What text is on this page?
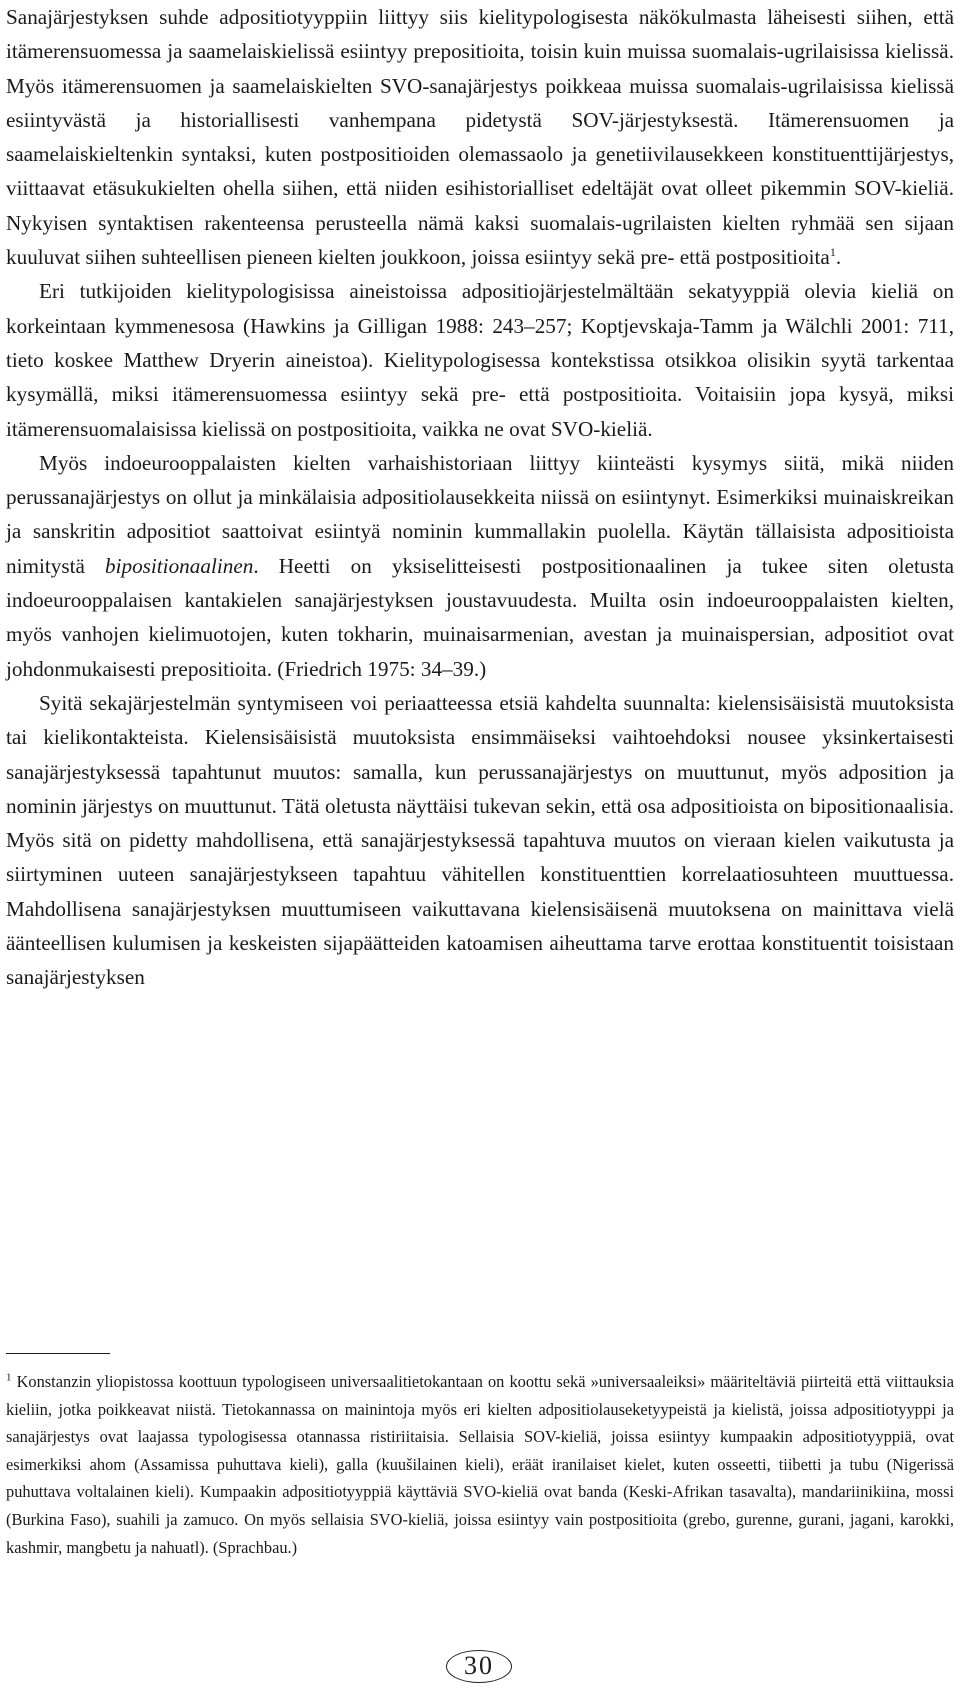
Sanajärjestyksen suhde adpositiotyyppiin liittyy siis kielitypologisesta näkökulmasta läheisesti siihen, että itämerensuomessa ja saamelaiskielissä esiintyy prepositioita, toisin kuin muissa suomalais-ugrilaisissa kielissä. Myös itämerensuomen ja saamelaiskielten SVO-sanajärjestys poikkeaa muissa suomalais-ugrilaisissa kielissä esiintyvästä ja historiallisesti vanhempana pidetystä SOV-järjestyksestä. Itämerensuomen ja saamelaiskieltenkin syntaksi, kuten postpositioiden olemassaolo ja genetiivilausekkeen konstituenttijärjestys, viittaavat etäsukukielten ohella siihen, että niiden esihistorialliset edeltäjät ovat olleet pikemmin SOV-kieliä. Nykyisen syntaktisen rakenteensa perusteella nämä kaksi suomalais-ugrilaisten kielten ryhmää sen sijaan kuuluvat siihen suhteellisen pieneen kielten joukkoon, joissa esiintyy sekä pre- että postpositioita$^1$.

Eri tutkijoiden kielitypologisissa aineistoissa adpositiojärjestelmältään sekatyyppiä olevia kieliä on korkeintaan kymmenesosa (Hawkins ja Gilligan 1988: 243–257; Koptjevskaja-Tamm ja Wälchli 2001: 711, tieto koskee Matthew Dryerin aineistoa). Kielitypologisessa kontekstissa otsikkoa olisikin syytä tarkentaa kysymällä, miksi itämerensuomessa esiintyy sekä pre- että postpositioita. Voitaisiin jopa kysyä, miksi itämerensuomalaisissa kielissä on postpositioita, vaikka ne ovat SVO-kieliä.

Myös indoeurooppalaisten kielten varhaishistoriaan liittyy kiinteästi kysymys siitä, mikä niiden perussanajärjestys on ollut ja minkälaisia adpositiolausekkeita niissä on esiintynyt. Esimerkiksi muinaiskreikan ja sanskritin adpositiot saattoivat esiintyä nominin kummallakin puolella. Käytän tällaisista adpositioista nimitystä bipositionaalinen. Heetti on yksiselitteisesti postpositionaalinen ja tukee siten oletusta indoeurooppalaisen kantakielen sanajärjestyksen joustavuudesta. Muilta osin indoeurooppalaisten kielten, myös vanhojen kielimuotojen, kuten tokharin, muinaisarmenian, avestan ja muinaispersian, adpositiot ovat johdonmukaisesti prepositioita. (Friedrich 1975: 34–39.)

Syitä sekajärjestelmän syntymiseen voi periaatteessa etsiä kahdelta suunnalta: kielensisäisistä muutoksista tai kielikontakteista. Kielensisäisistä muutoksista ensimmäiseksi vaihtoehdoksi nousee yksinkertaisesti sanajärjestyksessä tapahtunut muutos: samalla, kun perussanajärjestys on muuttunut, myös adposition ja nominin järjestys on muuttunut. Tätä oletusta näyttäisi tukevan sekin, että osa adpositioista on bipositionaalisia. Myös sitä on pidetty mahdollisena, että sanajärjestyksessä tapahtuva muutos on vieraan kielen vaikutusta ja siirtyminen uuteen sanajärjestykseen tapahtuu vähitellen konstituenttien korrelaatiosuhteen muuttuessa. Mahdollisena sanajärjestyksen muuttumiseen vaikuttavana kielensisäisenä muutoksena on mainittava vielä äänteellisen kulumisen ja keskeisten sijapäätteiden katoamisen aiheuttama tarve erottaa konstituentit toisistaan sanajärjestyksen

$^1$ Konstanzin yliopistossa koottuun typologiseen universaalitietokantaan on koottu sekä »universaaleiksi» määriteltäviä piirteitä että viittauksia kieliin, jotka poikkeavat niistä. Tietokannassa on mainintoja myös eri kielten adpositiolauseketyypeistä ja kielistä, joissa adpositiotyyppi ja sanajärjestys ovat laajassa typologisessa otannassa ristiriitaisia. Sellaisia SOV-kieliä, joissa esiintyy kumpaakin adpositiotyyppiä, ovat esimerkiksi ahom (Assamissa puhuttava kieli), galla (kuušilainen kieli), eräät iranilaiset kielet, kuten osseetti, tiibetti ja tubu (Nigerissä puhuttava voltalainen kieli). Kumpaakin adpositiotyyppiä käyttäviä SVO-kieliä ovat banda (Keski-Afrikan tasavalta), mandariinikiina, mossi (Burkina Faso), suahili ja zamuco. On myös sellaisia SVO-kieliä, joissa esiintyy vain postpositioita (grebo, gurenne, gurani, jagani, karokki, kashmir, mangbetu ja nahuatl). (Sprachbau.)

30
